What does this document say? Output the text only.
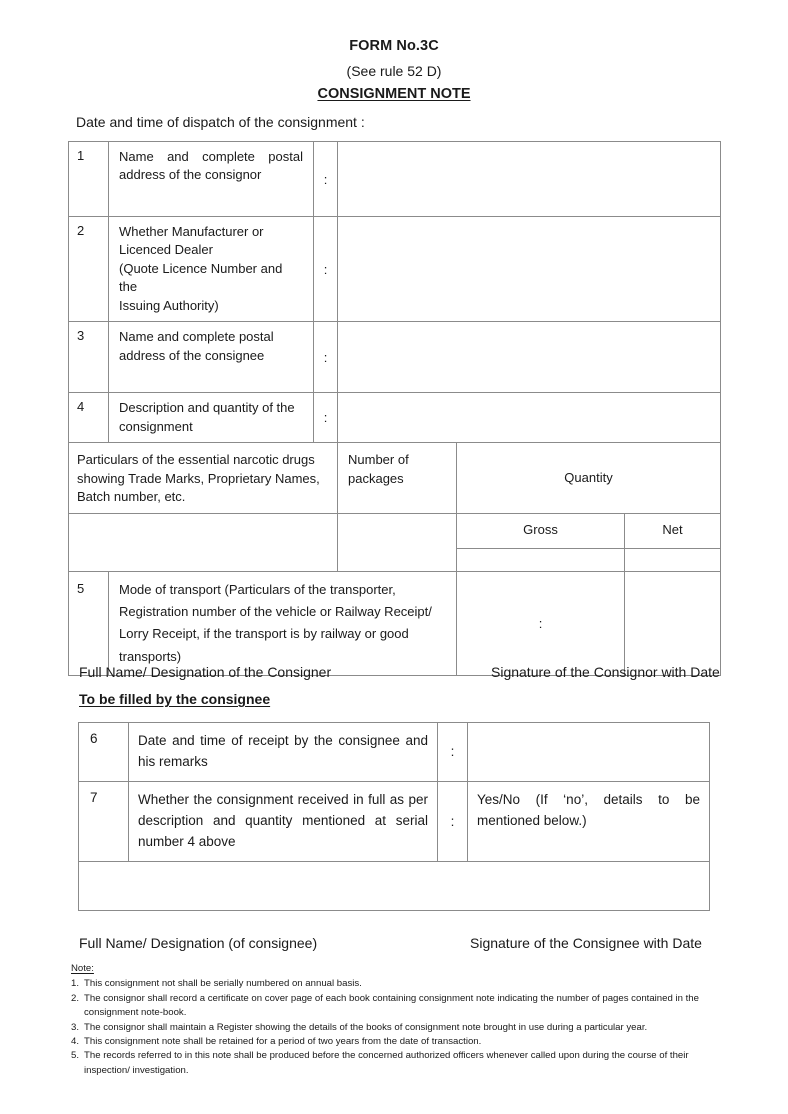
FORM No.3C
(See rule 52 D)
CONSIGNMENT NOTE
Date and time of dispatch of the consignment :
1	Name and complete postal address of the consignor	:			
2	Whether Manufacturer or
Licenced Dealer
(Quote Licence Number and the
Issuing Authority)	:			
3	Name and complete postal
address of the consignee	:			
4	Description and quantity of the
consignment	:			
Particulars of the essential narcotic drugs showing Trade Marks, Proprietary Names, Batch number, etc.			Number of packages	Quantity	
				Gross	Net

5	Mode of transport (Particulars of the transporter, Registration number of the vehicle or Railway Receipt/ Lorry Receipt, if the transport is by railway or good transports)			:	
Full Name/ Designation of the Consigner	Signature of the Consignor with Date
To be filled by the consignee
6	Date and time of receipt by the consignee and his remarks	:	
7	Whether the consignment received in full as per description and quantity mentioned at serial number 4 above	:	Yes/No (If ‘no’, details to be mentioned below.)

Full Name/ Designation (of consignee)	Signature of the Consignee with Date
Note:
1. This consignment not shall be serially numbered on annual basis.
2. The consignor shall record a certificate on cover page of each book containing consignment note indicating the number of pages contained in the consignment note-book.
3. The consignor shall maintain a Register showing the details of the books of consignment note brought in use during a particular year.
4. This consignment note shall be retained for a period of two years from the date of transaction.
5. The records referred to in this note shall be produced before the concerned authorized officers whenever called upon during the course of their inspection/ investigation.
